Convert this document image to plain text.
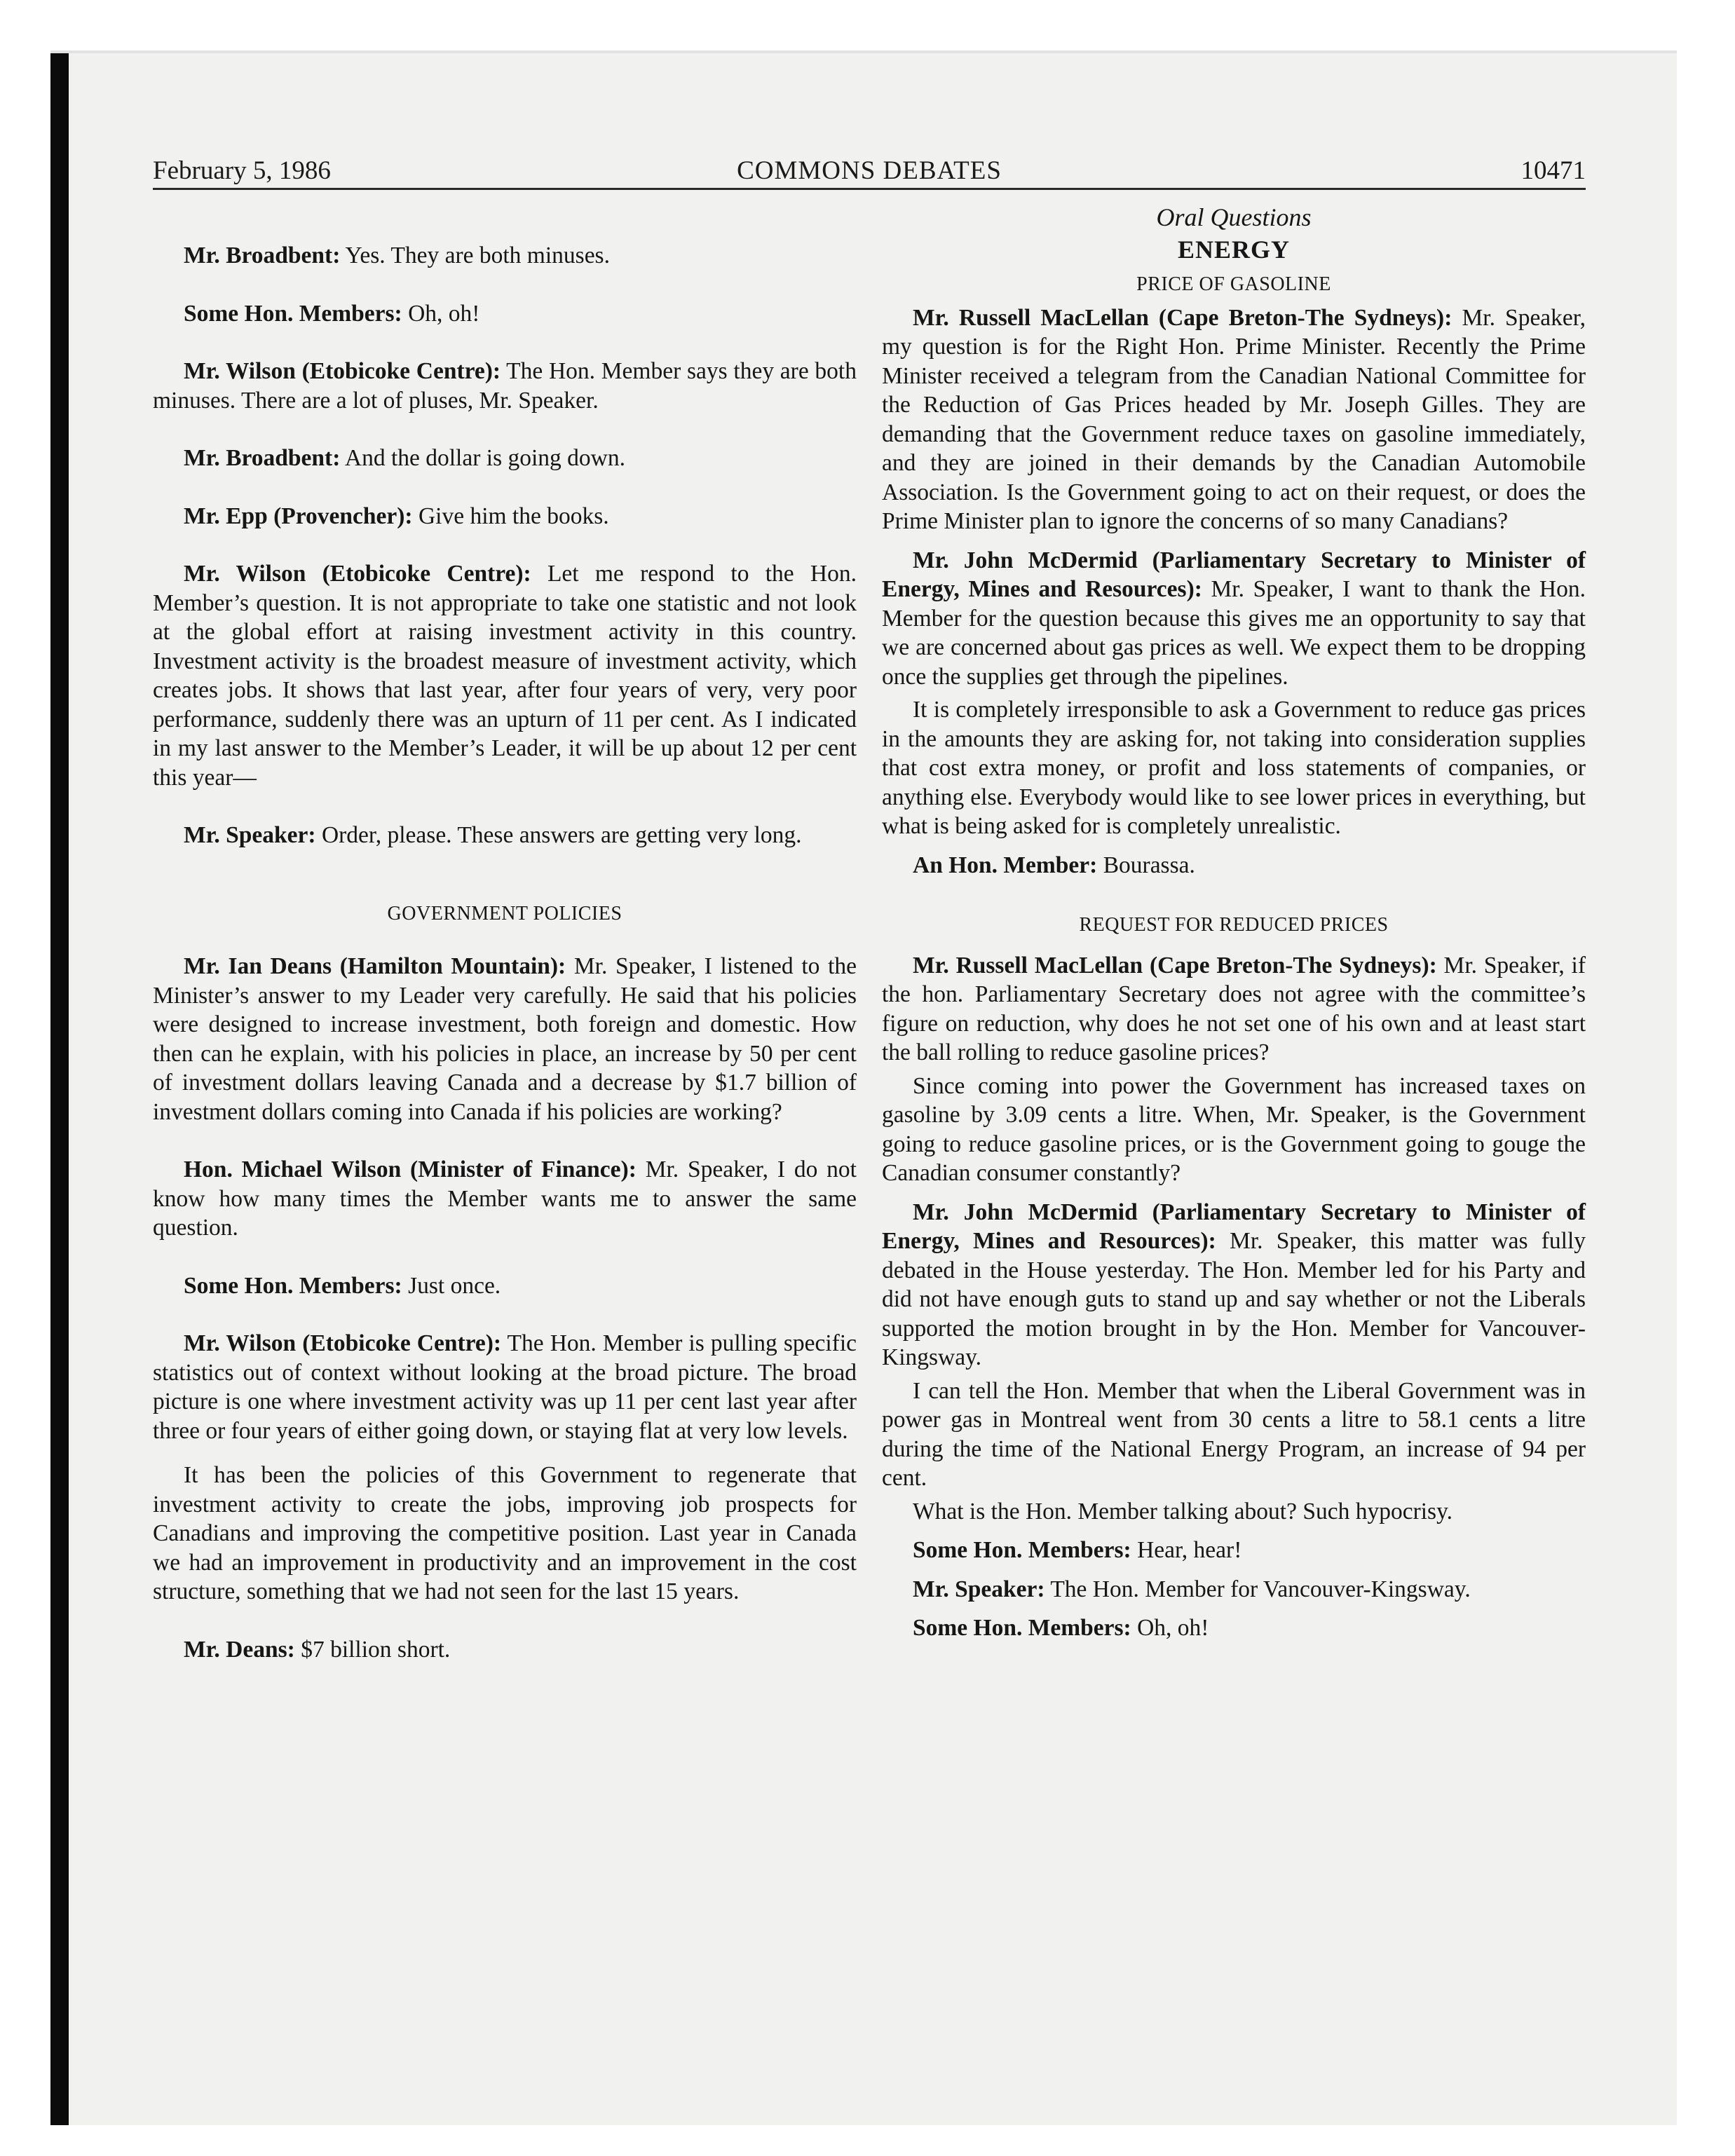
February 5, 1986	COMMONS DEBATES	10471

Mr. Broadbent: Yes. They are both minuses.

Some Hon. Members: Oh, oh!

Mr. Wilson (Etobicoke Centre): The Hon. Member says they are both minuses. There are a lot of pluses, Mr. Speaker.

Mr. Broadbent: And the dollar is going down.

Mr. Epp (Provencher): Give him the books.

Mr. Wilson (Etobicoke Centre): Let me respond to the Hon. Member’s question. It is not appropriate to take one statistic and not look at the global effort at raising investment activity in this country. Investment activity is the broadest measure of investment activity, which creates jobs. It shows that last year, after four years of very, very poor performance, suddenly there was an upturn of 11 per cent. As I indicated in my last answer to the Member’s Leader, it will be up about 12 per cent this year—

Mr. Speaker: Order, please. These answers are getting very long.

GOVERNMENT POLICIES

Mr. Ian Deans (Hamilton Mountain): Mr. Speaker, I listened to the Minister’s answer to my Leader very carefully. He said that his policies were designed to increase investment, both foreign and domestic. How then can he explain, with his policies in place, an increase by 50 per cent of investment dollars leaving Canada and a decrease by $1.7 billion of investment dollars coming into Canada if his policies are working?

Hon. Michael Wilson (Minister of Finance): Mr. Speaker, I do not know how many times the Member wants me to answer the same question.

Some Hon. Members: Just once.

Mr. Wilson (Etobicoke Centre): The Hon. Member is pulling specific statistics out of context without looking at the broad picture. The broad picture is one where investment activity was up 11 per cent last year after three or four years of either going down, or staying flat at very low levels.

It has been the policies of this Government to regenerate that investment activity to create the jobs, improving job prospects for Canadians and improving the competitive position. Last year in Canada we had an improvement in productivity and an improvement in the cost structure, something that we had not seen for the last 15 years.

Mr. Deans: $7 billion short.

Oral Questions

ENERGY

PRICE OF GASOLINE

Mr. Russell MacLellan (Cape Breton-The Sydneys): Mr. Speaker, my question is for the Right Hon. Prime Minister. Recently the Prime Minister received a telegram from the Canadian National Committee for the Reduction of Gas Prices headed by Mr. Joseph Gilles. They are demanding that the Government reduce taxes on gasoline immediately, and they are joined in their demands by the Canadian Automobile Association. Is the Government going to act on their request, or does the Prime Minister plan to ignore the concerns of so many Canadians?

Mr. John McDermid (Parliamentary Secretary to Minister of Energy, Mines and Resources): Mr. Speaker, I want to thank the Hon. Member for the question because this gives me an opportunity to say that we are concerned about gas prices as well. We expect them to be dropping once the supplies get through the pipelines.

It is completely irresponsible to ask a Government to reduce gas prices in the amounts they are asking for, not taking into consideration supplies that cost extra money, or profit and loss statements of companies, or anything else. Everybody would like to see lower prices in everything, but what is being asked for is completely unrealistic.

An Hon. Member: Bourassa.

REQUEST FOR REDUCED PRICES

Mr. Russell MacLellan (Cape Breton-The Sydneys): Mr. Speaker, if the hon. Parliamentary Secretary does not agree with the committee’s figure on reduction, why does he not set one of his own and at least start the ball rolling to reduce gasoline prices?

Since coming into power the Government has increased taxes on gasoline by 3.09 cents a litre. When, Mr. Speaker, is the Government going to reduce gasoline prices, or is the Government going to gouge the Canadian consumer constantly?

Mr. John McDermid (Parliamentary Secretary to Minister of Energy, Mines and Resources): Mr. Speaker, this matter was fully debated in the House yesterday. The Hon. Member led for his Party and did not have enough guts to stand up and say whether or not the Liberals supported the motion brought in by the Hon. Member for Vancouver-Kingsway.

I can tell the Hon. Member that when the Liberal Government was in power gas in Montreal went from 30 cents a litre to 58.1 cents a litre during the time of the National Energy Program, an increase of 94 per cent.

What is the Hon. Member talking about? Such hypocrisy.

Some Hon. Members: Hear, hear!

Mr. Speaker: The Hon. Member for Vancouver-Kingsway.

Some Hon. Members: Oh, oh!
